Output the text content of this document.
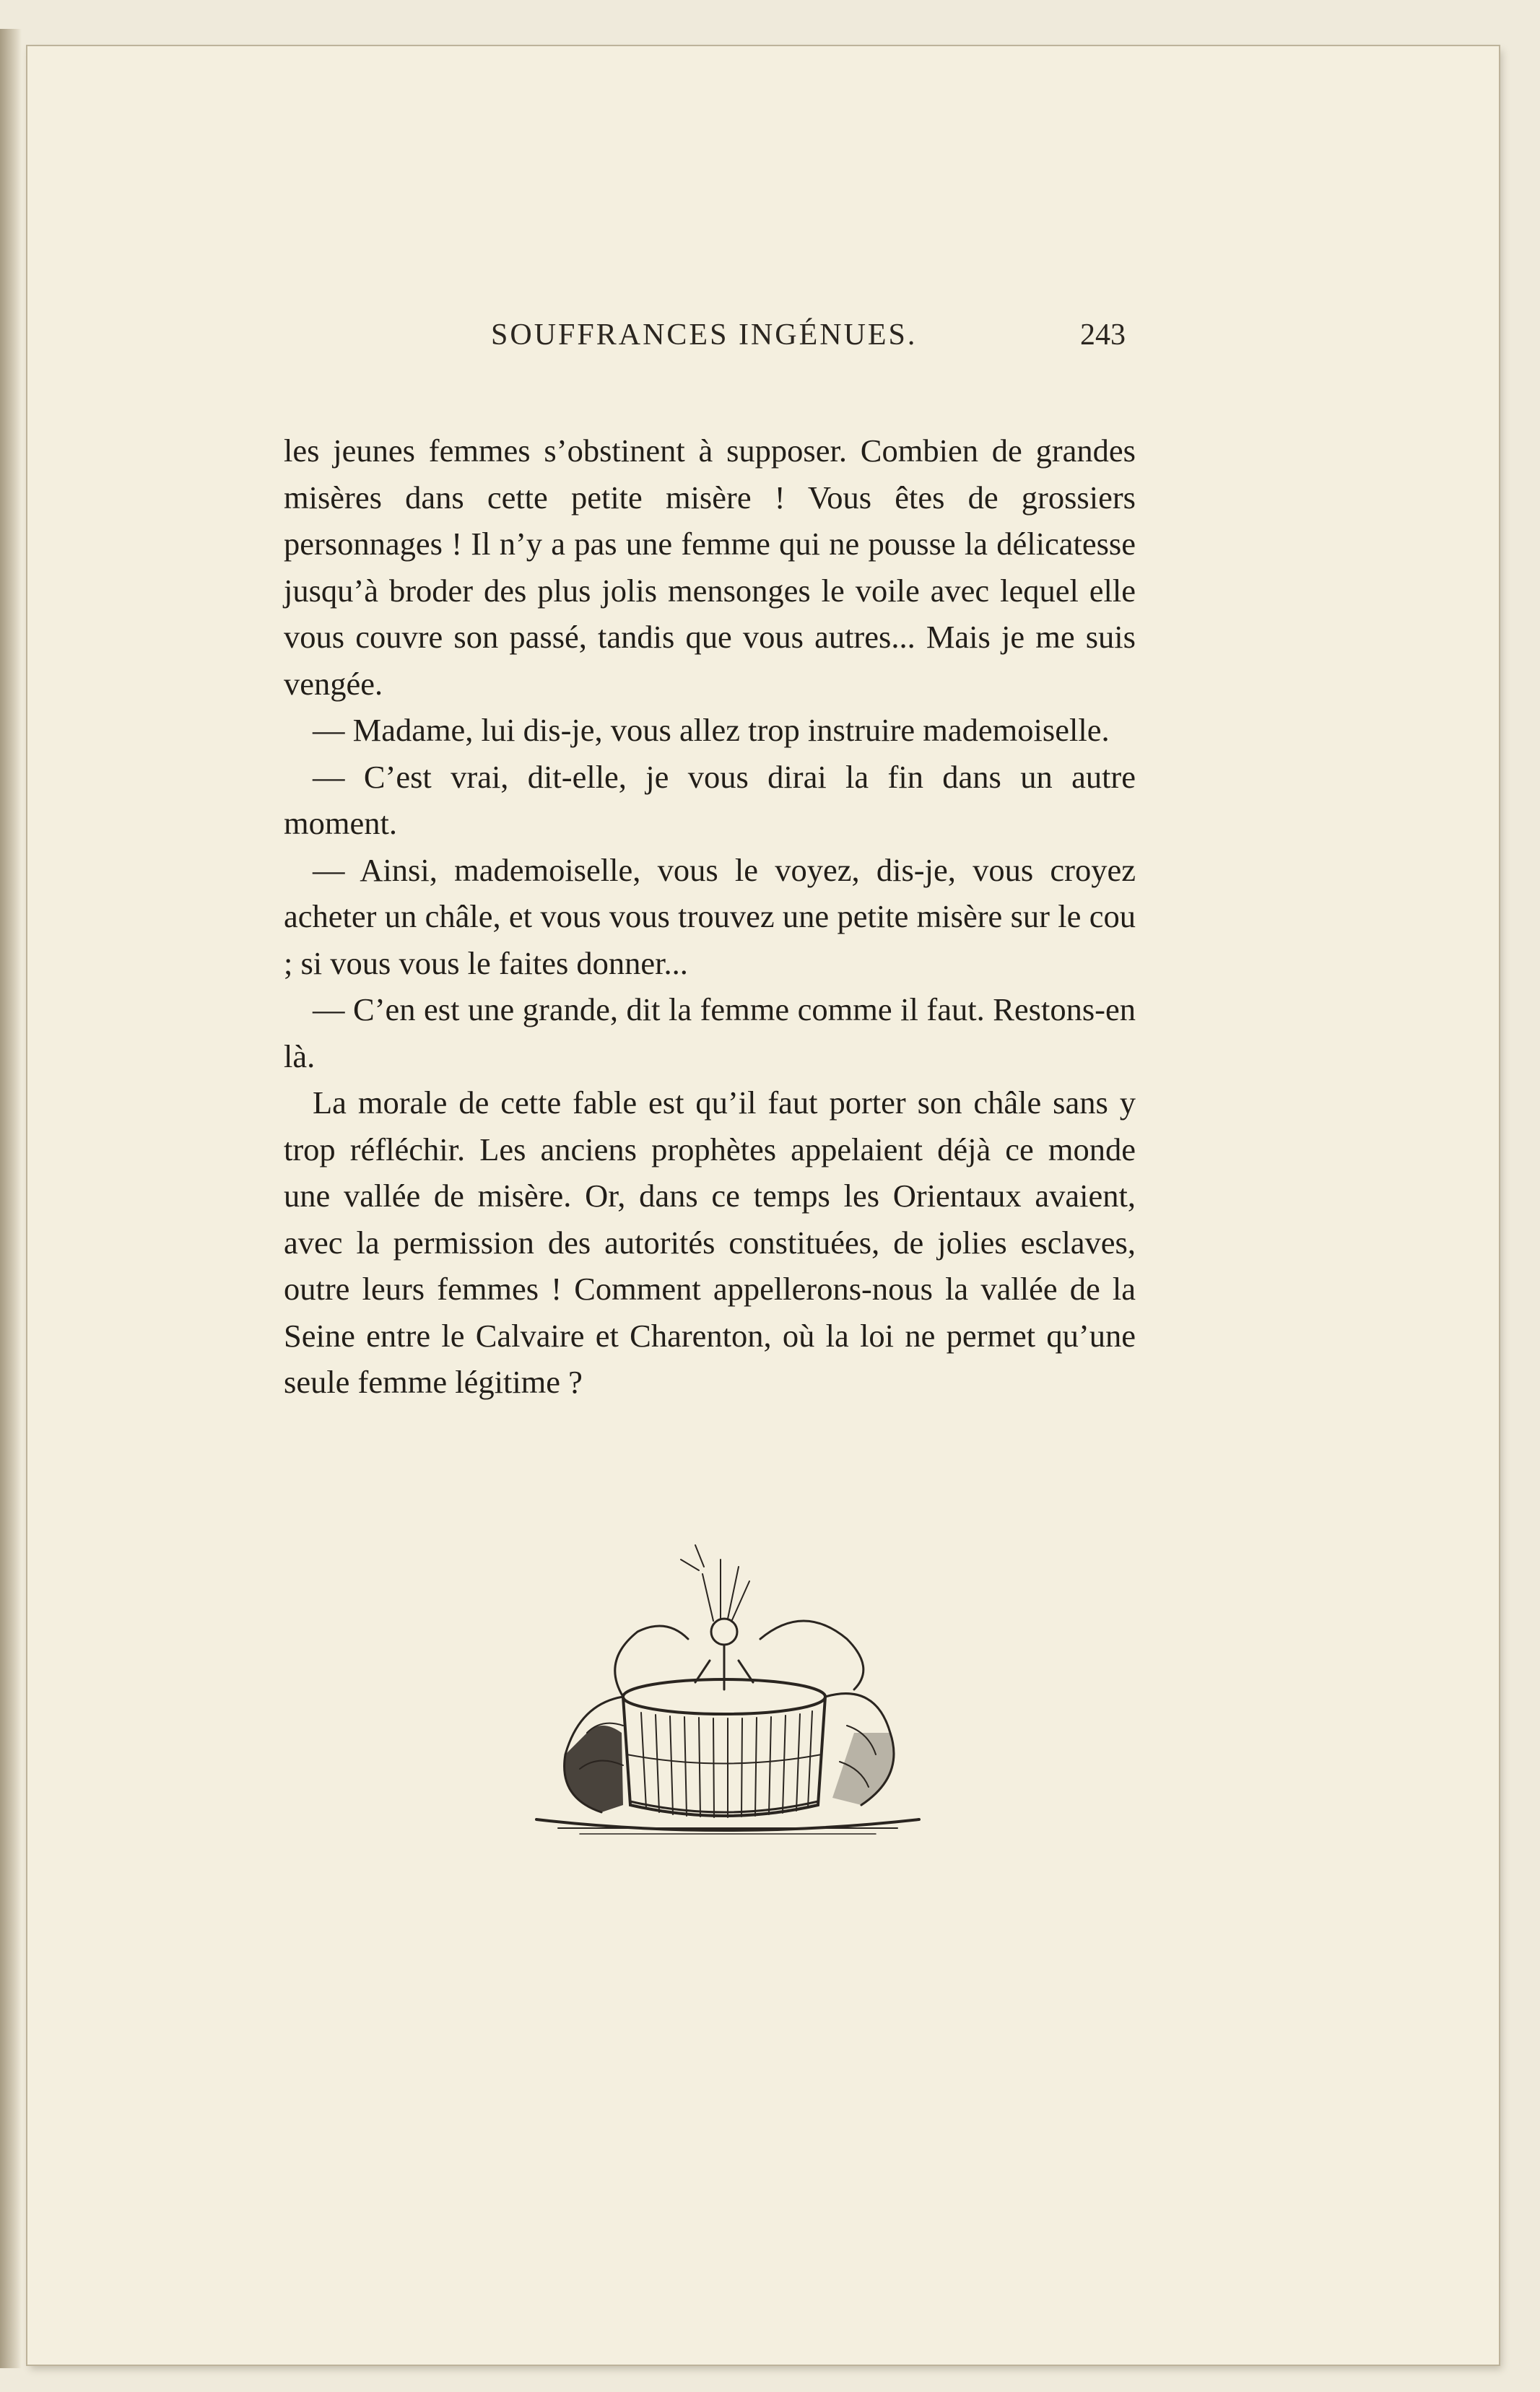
SOUFFRANCES INGÉNUES.	243

les jeunes femmes s’obstinent à supposer. Combien de grandes misères dans cette petite misère ! Vous êtes de grossiers personnages ! Il n’y a pas une femme qui ne pousse la délicatesse jusqu’à broder des plus jolis mensonges le voile avec lequel elle vous couvre son passé, tandis que vous autres... Mais je me suis vengée.

— Madame, lui dis-je, vous allez trop instruire mademoiselle.

— C’est vrai, dit-elle, je vous dirai la fin dans un autre moment.

— Ainsi, mademoiselle, vous le voyez, dis-je, vous croyez acheter un châle, et vous vous trouvez une petite misère sur le cou ; si vous vous le faites donner...

— C’en est une grande, dit la femme comme il faut. Restons-en là.

La morale de cette fable est qu’il faut porter son châle sans y trop réfléchir. Les anciens prophètes appelaient déjà ce monde une vallée de misère. Or, dans ce temps les Orientaux avaient, avec la permission des autorités constituées, de jolies esclaves, outre leurs femmes ! Comment appellerons-nous la vallée de la Seine entre le Calvaire et Charenton, où la loi ne permet qu’une seule femme légitime ?
